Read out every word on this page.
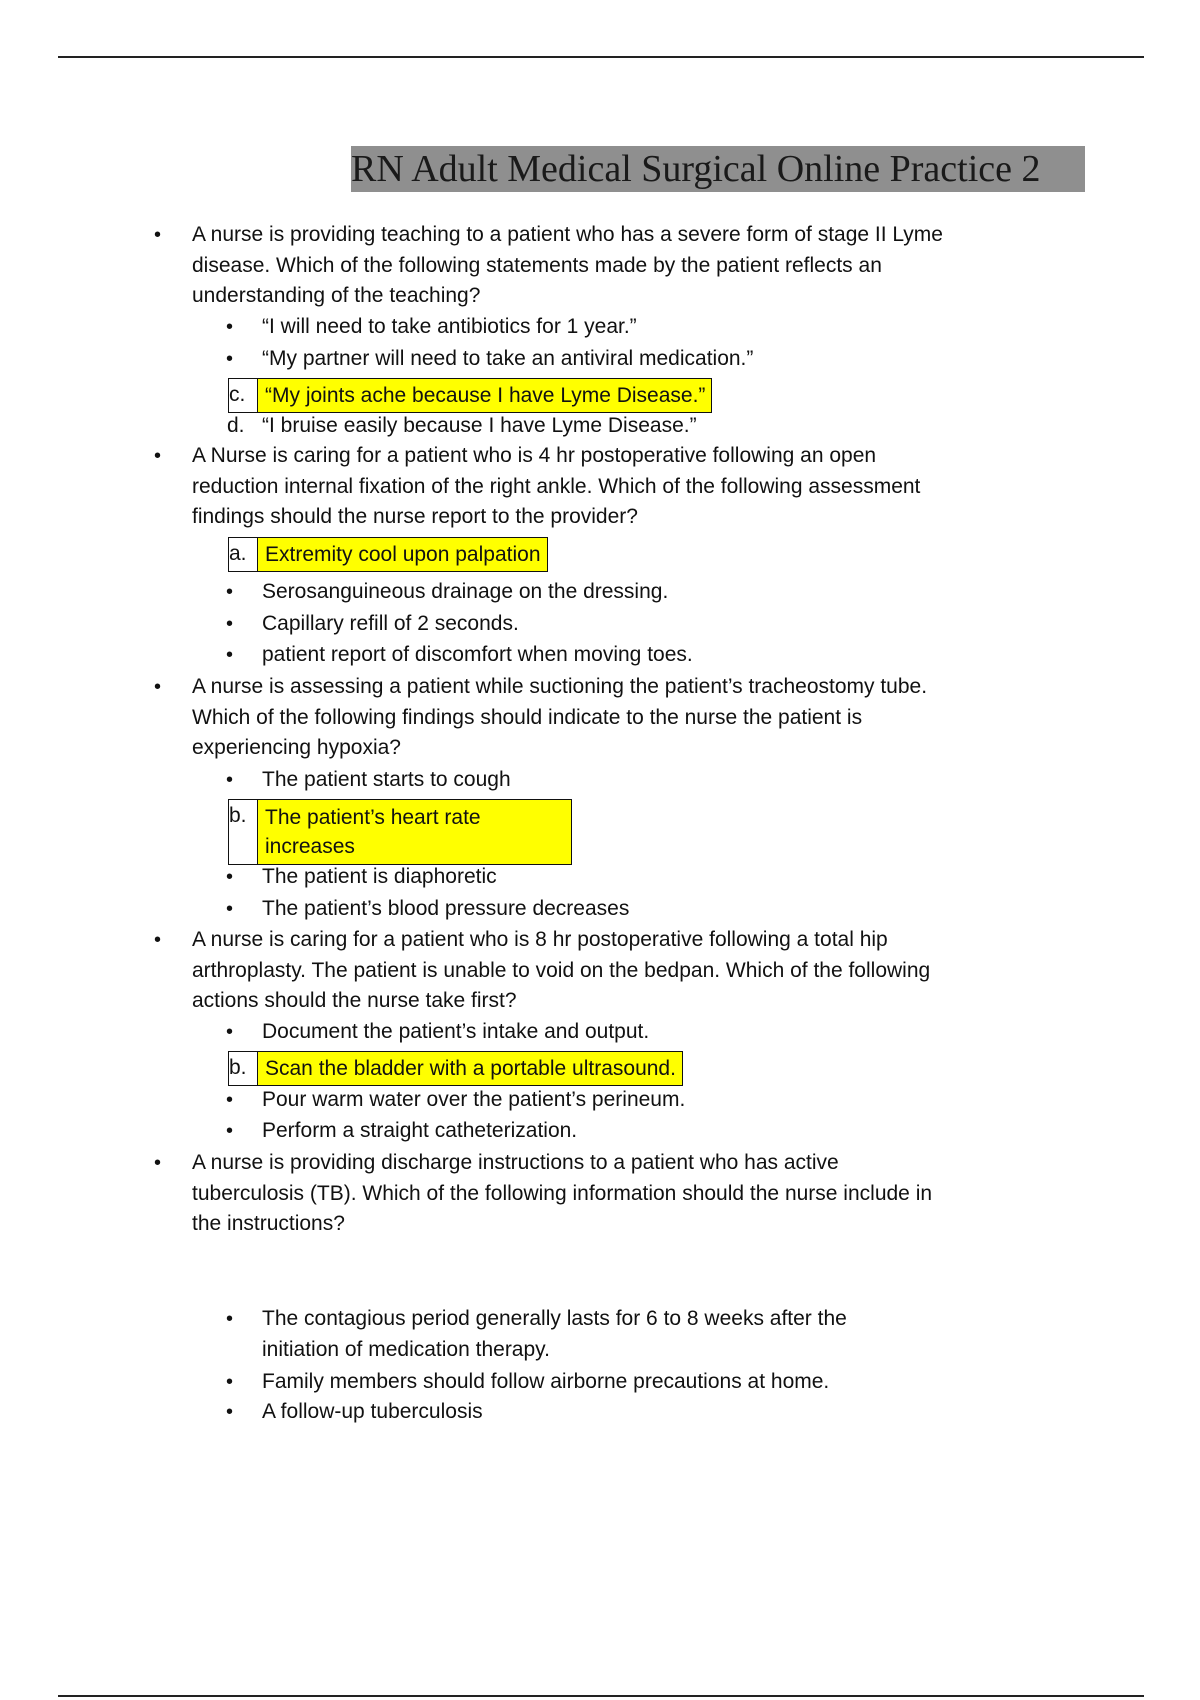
RN Adult Medical Surgical Online Practice 2
• A nurse is providing teaching to a patient who has a severe form of stage II Lyme disease. Which of the following statements made by the patient reflects an understanding of the teaching?
• “I will need to take antibiotics for 1 year.”
• “My partner will need to take an antiviral medication.”
c. “My joints ache because I have Lyme Disease.”
d. “I bruise easily because I have Lyme Disease.”
• A Nurse is caring for a patient who is 4 hr postoperative following an open reduction internal fixation of the right ankle. Which of the following assessment findings should the nurse report to the provider?
a. Extremity cool upon palpation
• Serosanguineous drainage on the dressing.
• Capillary refill of 2 seconds.
• patient report of discomfort when moving toes.
• A nurse is assessing a patient while suctioning the patient’s tracheostomy tube. Which of the following findings should indicate to the nurse the patient is experiencing hypoxia?
• The patient starts to cough
b. The patient’s heart rate increases
• The patient is diaphoretic
• The patient’s blood pressure decreases
• A nurse is caring for a patient who is 8 hr postoperative following a total hip arthroplasty. The patient is unable to void on the bedpan. Which of the following actions should the nurse take first?
• Document the patient’s intake and output.
b. Scan the bladder with a portable ultrasound.
• Pour warm water over the patient’s perineum.
• Perform a straight catheterization.
• A nurse is providing discharge instructions to a patient who has active tuberculosis (TB). Which of the following information should the nurse include in the instructions?
• The contagious period generally lasts for 6 to 8 weeks after the initiation of medication therapy.
• Family members should follow airborne precautions at home.
• A follow-up tuberculosis
